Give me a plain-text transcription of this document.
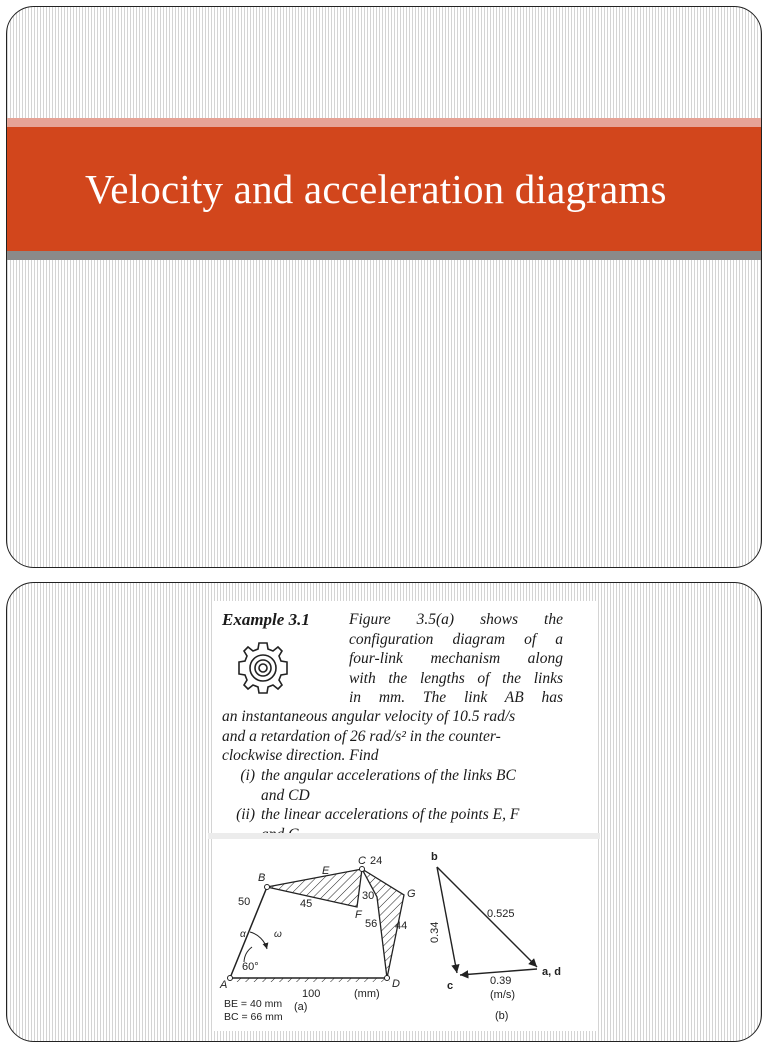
Velocity and acceleration diagrams
Example 3.1	Figure 3.5(a) shows the
configuration diagram of a
four-link mechanism along
with the lengths of the links
in mm. The link AB has
an instantaneous angular velocity of 10.5 rad/s
and a retardation of 26 rad/s² in the counter-
clockwise direction. Find
(i) the angular accelerations of the links BC
and CD
(ii) the linear accelerations of the points E, F
60°
α	ω
B
C
A	D
E
F
G
50	45
24
30
56 44
100	(mm)
BE = 40 mm
BC = 66 mm
(a)
b
c
a, d
0.525
0.34
0.39
(m/s)
(b)
